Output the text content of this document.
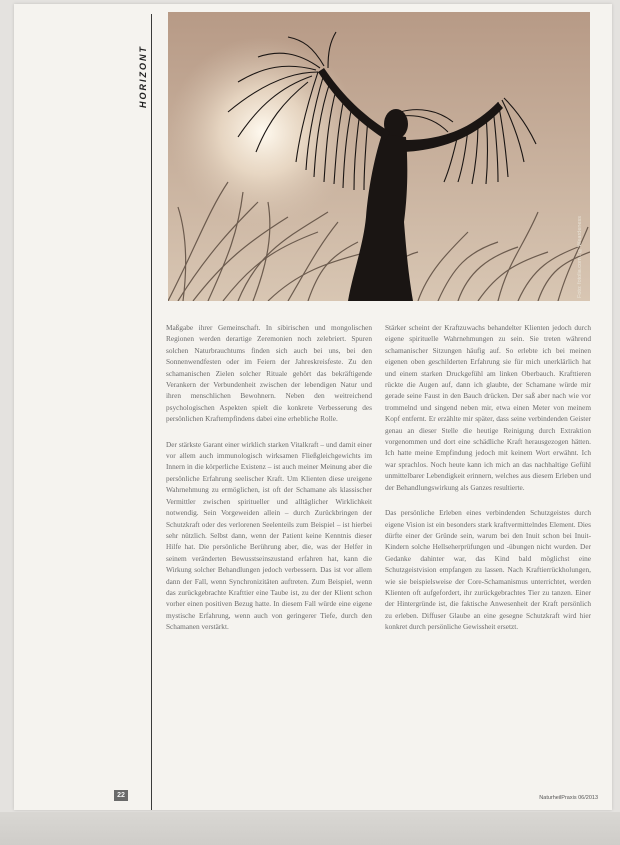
HORIZONT
Foto: fotolia.com / ©Weardeness

Maßgabe ihrer Gemeinschaft. In sibirischen und mongolischen Regionen werden derartige Zeremonien noch zelebriert. Spuren solchen Naturbrauchtums finden sich auch bei uns, bei den Sonnenwendfesten oder im Feiern der Jahreskreisfeste. Zu den schamanischen Zielen solcher Rituale gehört das bekräftigende Verankern der Verbundenheit zwischen der lebendigen Natur und ihren menschlichen Bewohnern. Neben den weitreichend psychologischen Aspekten spielt die konkrete Verbesserung des persönlichen Kraftempfindens dabei eine erhebliche Rolle.

Der stärkste Garant einer wirklich starken Vitalkraft – und damit einer vor allem auch immunologisch wirksamen Fließgleichgewichts im Innern in die körperliche Existenz – ist auch meiner Meinung aber die persönliche Erfahrung seelischer Kraft. Um Klienten diese ureigene Wahrnehmung zu ermöglichen, ist oft der Schamane als klassischer Vermittler zwischen spiritueller und alltäglicher Wirklichkeit notwendig. Sein Vorgeweiden allein – durch Zurückbringen der Schutzkraft oder des verlorenen Seelenteils zum Beispiel – ist hierbei sehr nützlich. Selbst dann, wenn der Patient keine Kenntnis dieser Hilfe hat. Die persönliche Berührung aber, die, was der Helfer in seinem veränderten Bewusstseinszustand erfahren hat, kann die Wirkung solcher Behandlungen jedoch verbessern. Das ist vor allem dann der Fall, wenn Synchronizitäten auftreten. Zum Beispiel, wenn das zurückgebrachte Krafttier eine Taube ist, zu der der Klient schon vorher einen positiven Bezug hatte. In diesem Fall würde eine eigene mystische Erfahrung, wenn auch von geringerer Tiefe, durch den Schamanen verstärkt.

Stärker scheint der Kraftzuwachs behandelter Klienten jedoch durch eigene spirituelle Wahrnehmungen zu sein. Sie treten während schamanischer Sitzungen häufig auf. So erlebte ich bei meinen eigenen oben geschilderten Erfahrung sie für mich unerklärlich hat und einem starken Druckgefühl am linken Oberbauch. Krafttieren rückte die Augen auf, dann ich glaubte, der Schamane würde mir gerade seine Faust in den Bauch drücken. Der saß aber nach wie vor trommelnd und singend neben mir, etwa einen Meter von meinem Kopf entfernt. Er erzählte mir später, dass seine verbindenden Geister genau an dieser Stelle die heutige Reinigung durch Extraktion vorgenommen und dort eine schädliche Kraft herausgezogen hätten. Ich hatte meine Empfindung jedoch mit keinem Wort erwähnt. Ich war sprachlos. Noch heute kann ich mich an das nachhaltige Gefühl unmittelbarer Lebendigkeit erinnern, welches aus diesem Erleben und der Behandlungswirkung als Ganzes resultierte.

Das persönliche Erleben eines verbindenden Schutzgeistes durch eigene Vision ist ein besonders stark kraftvermittelndes Element. Dies dürfte einer der Gründe sein, warum bei den Inuit schon bei Inuit-Kindern solche Hellseherprüfungen und -übungen nicht wurden. Der Gedanke dahinter war, das Kind bald möglichst eine Schutzgeistvision empfangen zu lassen. Nach Kraftierrückholungen, wie sie beispielsweise der Core-Schamanismus unterrichtet, werden Klienten oft aufgefordert, ihr zurückgebrachtes Tier zu tanzen. Einer der Hintergründe ist, die faktische Anwesenheit der Kraft persönlich zu erleben. Diffuser Glaube an eine gesegne Schutzkraft wird hier konkret durch persönliche Gewissheit ersetzt.

22	NaturheilPraxis 06/2013
